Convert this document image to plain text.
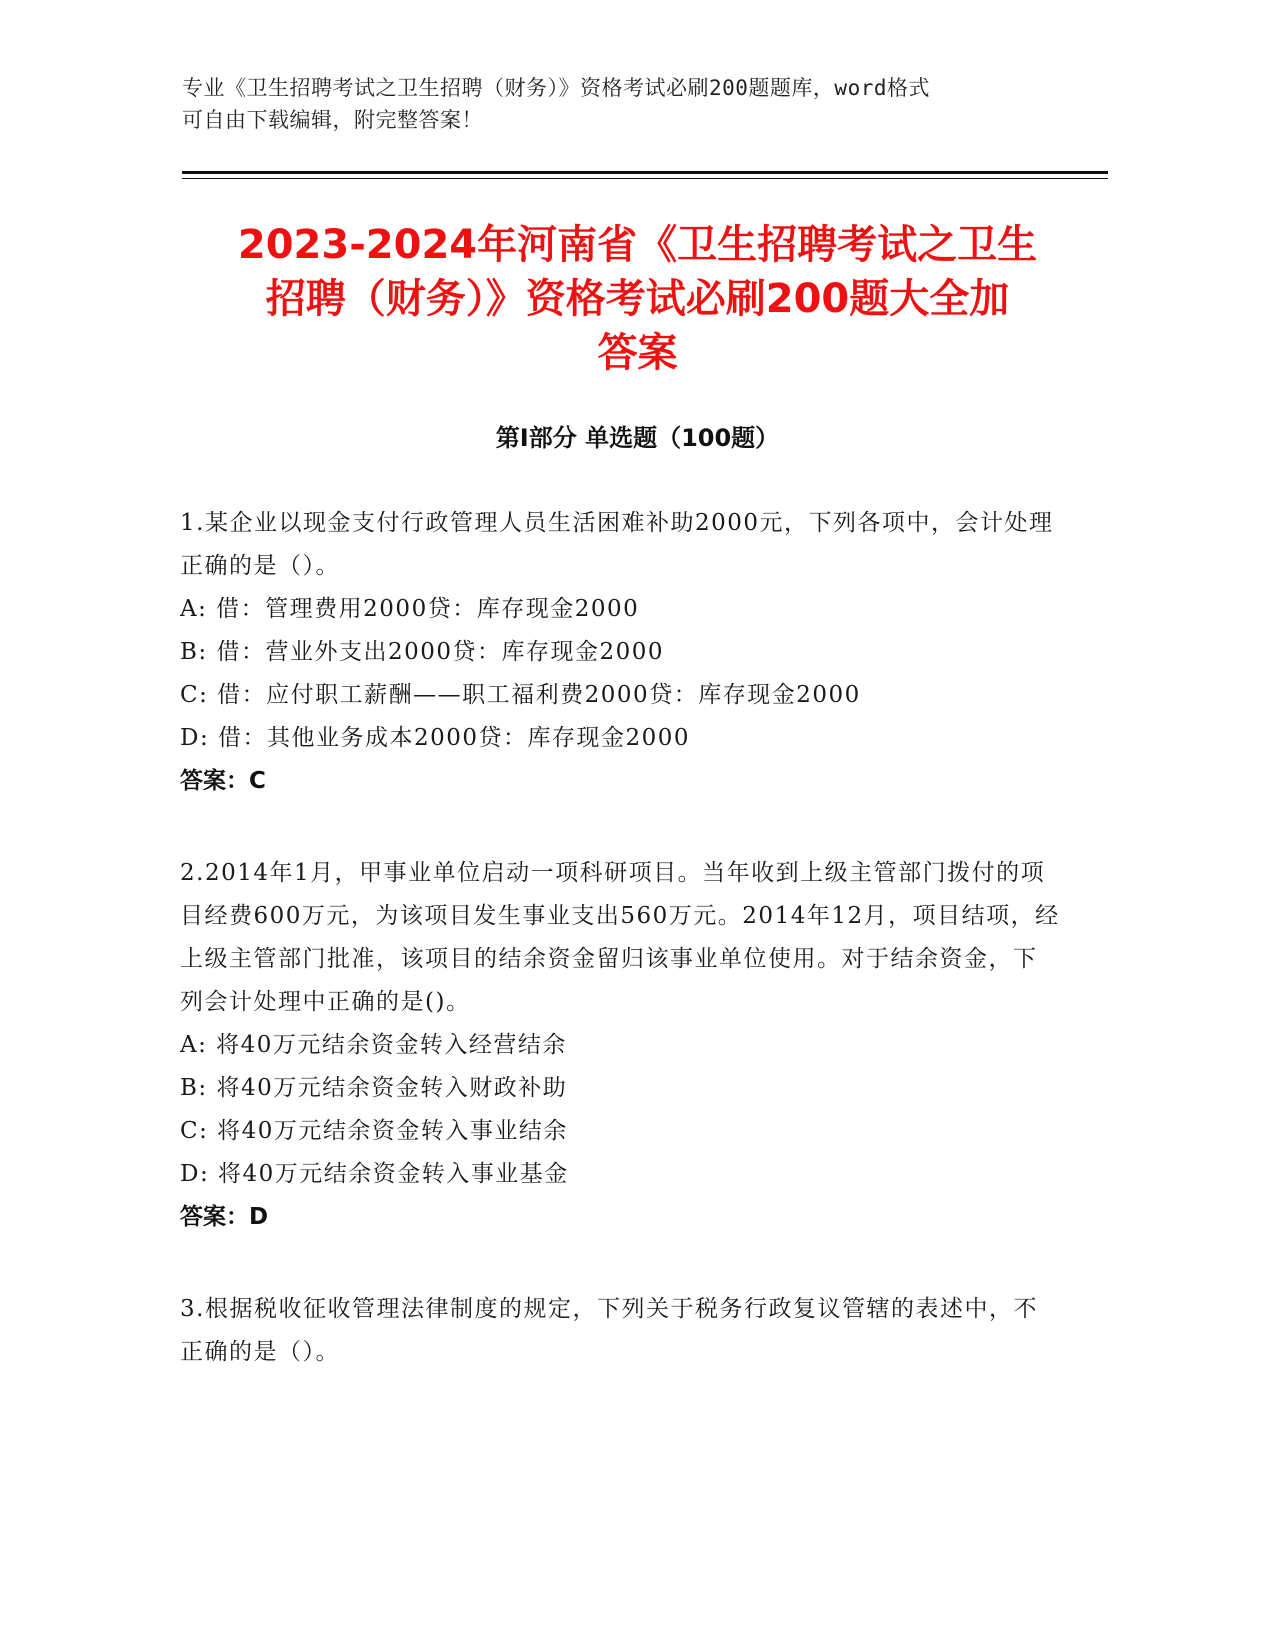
专业《卫生招聘考试之卫生招聘（财务）》资格考试必刷200题题库，word格式

可自由下载编辑，附完整答案！

2023-2024年河南省《卫生招聘考试之卫生
招聘（财务）》资格考试必刷200题大全加
答案
第Ⅰ部分 单选题（100题）

1.某企业以现金支付行政管理人员生活困难补助2000元，下列各项中，会计处理正确的是（）。

A: 借：管理费用2000贷：库存现金2000

B: 借：营业外支出2000贷：库存现金2000

C: 借：应付职工薪酬——职工福利费2000贷：库存现金2000

D: 借：其他业务成本2000贷：库存现金2000

答案：C

2.2014年1月，甲事业单位启动一项科研项目。当年收到上级主管部门拨付的项目经费600万元，为该项目发生事业支出560万元。2014年12月，项目结项，经上级主管部门批准，该项目的结余资金留归该事业单位使用。对于结余资金，下列会计处理中正确的是()。

A: 将40万元结余资金转入经营结余

B: 将40万元结余资金转入财政补助

C: 将40万元结余资金转入事业结余

D: 将40万元结余资金转入事业基金

答案：D

3.根据税收征收管理法律制度的规定，下列关于税务行政复议管辖的表述中，不正确的是（）。
